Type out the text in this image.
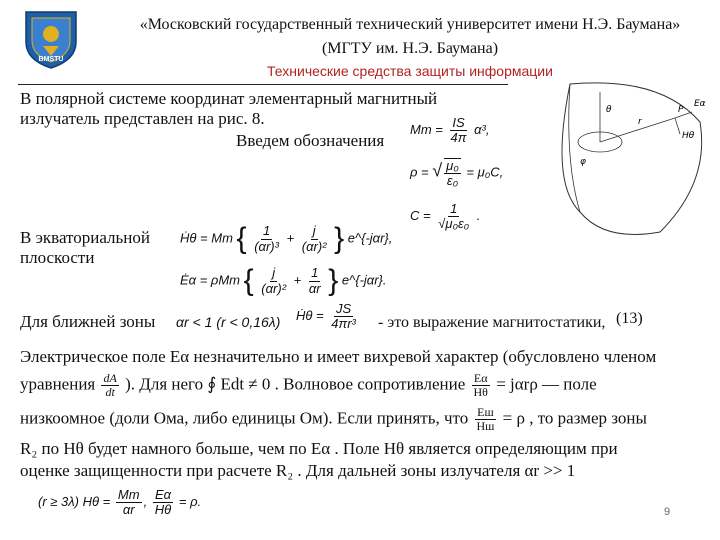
BMSTU
«Московский государственный технический университет имени Н.Э. Баумана»
(МГТУ им. Н.Э. Баумана)
Технические средства защиты информации
В полярной системе координат элементарный магнитный
излучатель представлен на рис. 8.
Введем обозначения
$Mm = \frac{IS}{4\pi} \alpha^3$,
ρ = √ $\frac{\text{μ₀}}{\text{ε₀}} = \mu_0C$,
$C = \frac{1}{\text{√μ₀ε₀}}$ .
В экваториальной
плоскости
Ḣθ = Mm { $\frac{1}{\text{(αr)³}} + \frac{j}{\text{(αr)²}}$ } e^{-jαr},
Ėα = ρMm { $\frac{j}{\text{(αr)²}} + \frac{1}{\alpha r}$ } e^{-jαr}.
Для ближней зоны αr < 1 (r < 0,16λ) Ḣθ = $\frac{JS}{\text{4πr³}}$ - это выражение магнитостатики, (13)
Электрическое поле Eα незначительно и имеет вихревой характер (обусловлено членом
уравнения $\frac{dA}{dt}$ ). Для него ∮ Edt ≠ 0 . Волновое сопротивление $\frac{E\alpha}{H\theta} = j\alpha r\rho$ — поле
низкоомное (доли Ома, либо единицы Ом). Если принять, что $\frac{Eш}{Hш} = \rho$ , то размер зоны
R₂ по Hθ будет намного больше, чем по Eα . Поле Hθ является определяющим при
оценке защищенности при расчете R₂ . Для дальней зоны излучателя αr >> 1
(r ≥ 3λ) $H\theta = \frac{Mm}{\alpha r}$ , $\frac{E\alpha}{H\theta} = \rho$.
P
r
φ
θ
Hθ
Eα
9
